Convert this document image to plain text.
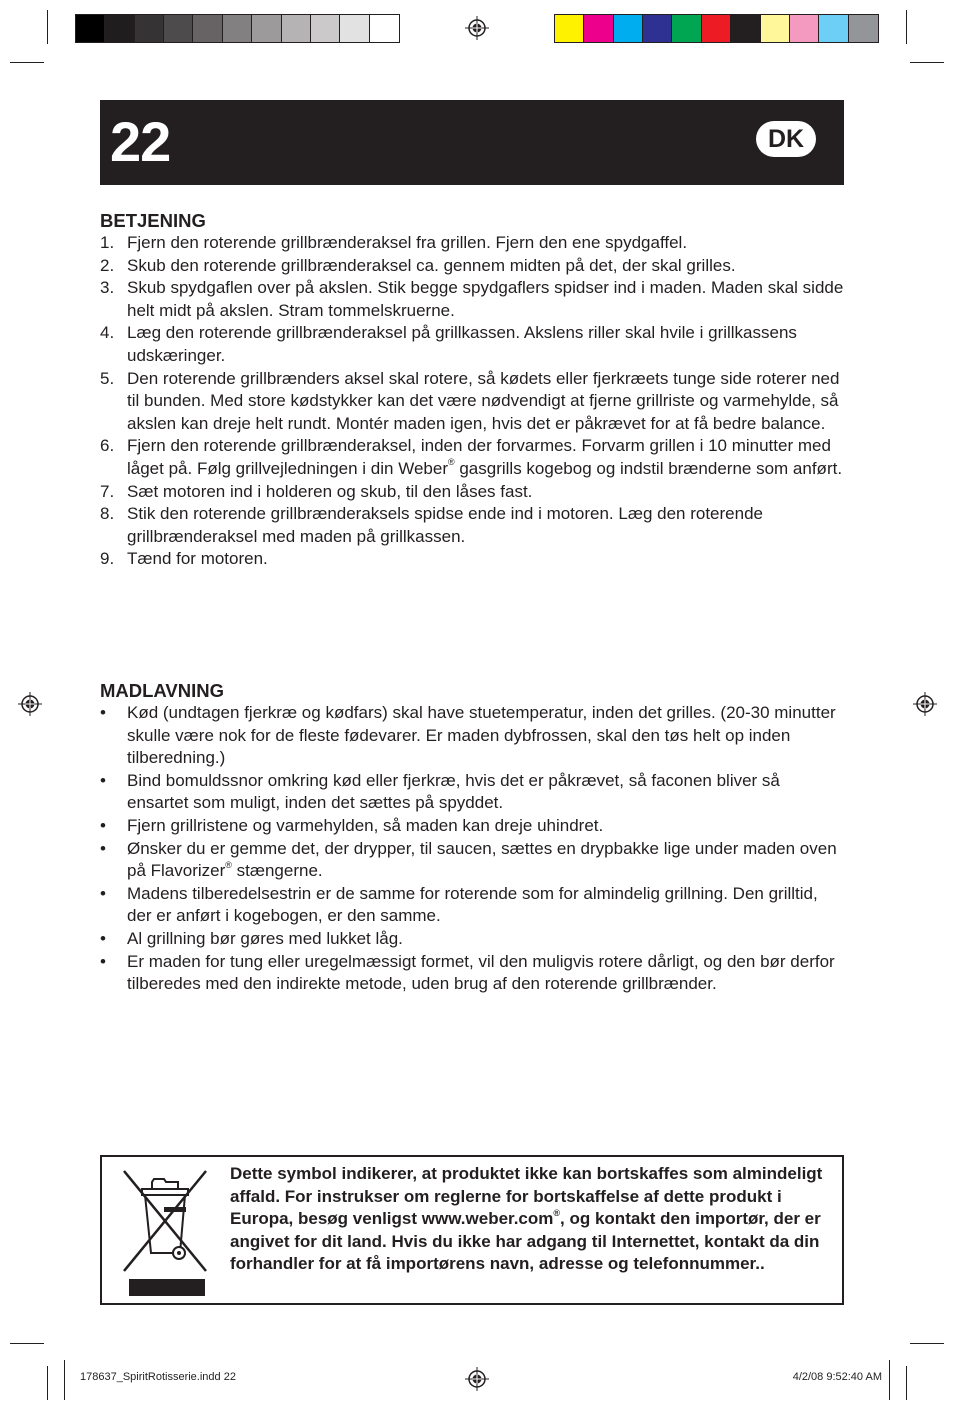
22	DK
BETJENING
1. Fjern den roterende grillbrænderaksel fra grillen. Fjern den ene spydgaffel.
2. Skub den roterende grillbrænderaksel ca. gennem midten på det, der skal grilles.
3. Skub spydgaflen over på akslen. Stik begge spydgaflers spidser ind i maden. Maden skal sidde helt midt på akslen. Stram tommelskruerne.
4. Læg den roterende grillbrænderaksel på grillkassen. Akslens riller skal hvile i grillkassens udskæringer.
5. Den roterende grillbrænders aksel skal rotere, så kødets eller fjerkræets tunge side roterer ned til bunden. Med store kødstykker kan det være nødvendigt at fjerne grillriste og varmehylde, så akslen kan dreje helt rundt. Montér maden igen, hvis det er påkrævet for at få bedre balance.
6. Fjern den roterende grillbrænderaksel, inden der forvarmes. Forvarm grillen i 10 minutter med låget på. Følg grillvejledningen i din Weber® gasgrills kogebog og indstil brænderne som anført.
7. Sæt motoren ind i holderen og skub, til den låses fast.
8. Stik den roterende grillbrænderaksels spidse ende ind i motoren. Læg den roterende grillbrænderaksel med maden på grillkassen.
9. Tænd for motoren.
MADLAVNING
• Kød (undtagen fjerkræ og kødfars) skal have stuetemperatur, inden det grilles. (20-30 minutter skulle være nok for de fleste fødevarer. Er maden dybfrossen, skal den tøs helt op inden tilberedning.)
• Bind bomuldssnor omkring kød eller fjerkræ, hvis det er påkrævet, så faconen bliver så ensartet som muligt, inden det sættes på spyddet.
• Fjern grillristene og varmehylden, så maden kan dreje uhindret.
• Ønsker du er gemme det, der drypper, til saucen, sættes en drypbakke lige under maden oven på Flavorizer® stængerne.
• Madens tilberedelsestrin er de samme for roterende som for almindelig grillning. Den grilltid, der er anført i kogebogen, er den samme.
• Al grillning bør gøres med lukket låg.
• Er maden for tung eller uregelmæssigt formet, vil den muligvis rotere dårligt, og den bør derfor tilberedes med den indirekte metode, uden brug af den roterende grillbrænder.
Dette symbol indikerer, at produktet ikke kan bortskaffes som almindeligt affald. For instrukser om reglerne for bortskaffelse af dette produkt i Europa, besøg venligst www.weber.com®, og kontakt den importør, der er angivet for dit land. Hvis du ikke har adgang til Internettet, kontakt da din forhandler for at få importørens navn, adresse og telefonnummer..
178637_SpiritRotisserie.indd 22	4/2/08 9:52:40 AM
